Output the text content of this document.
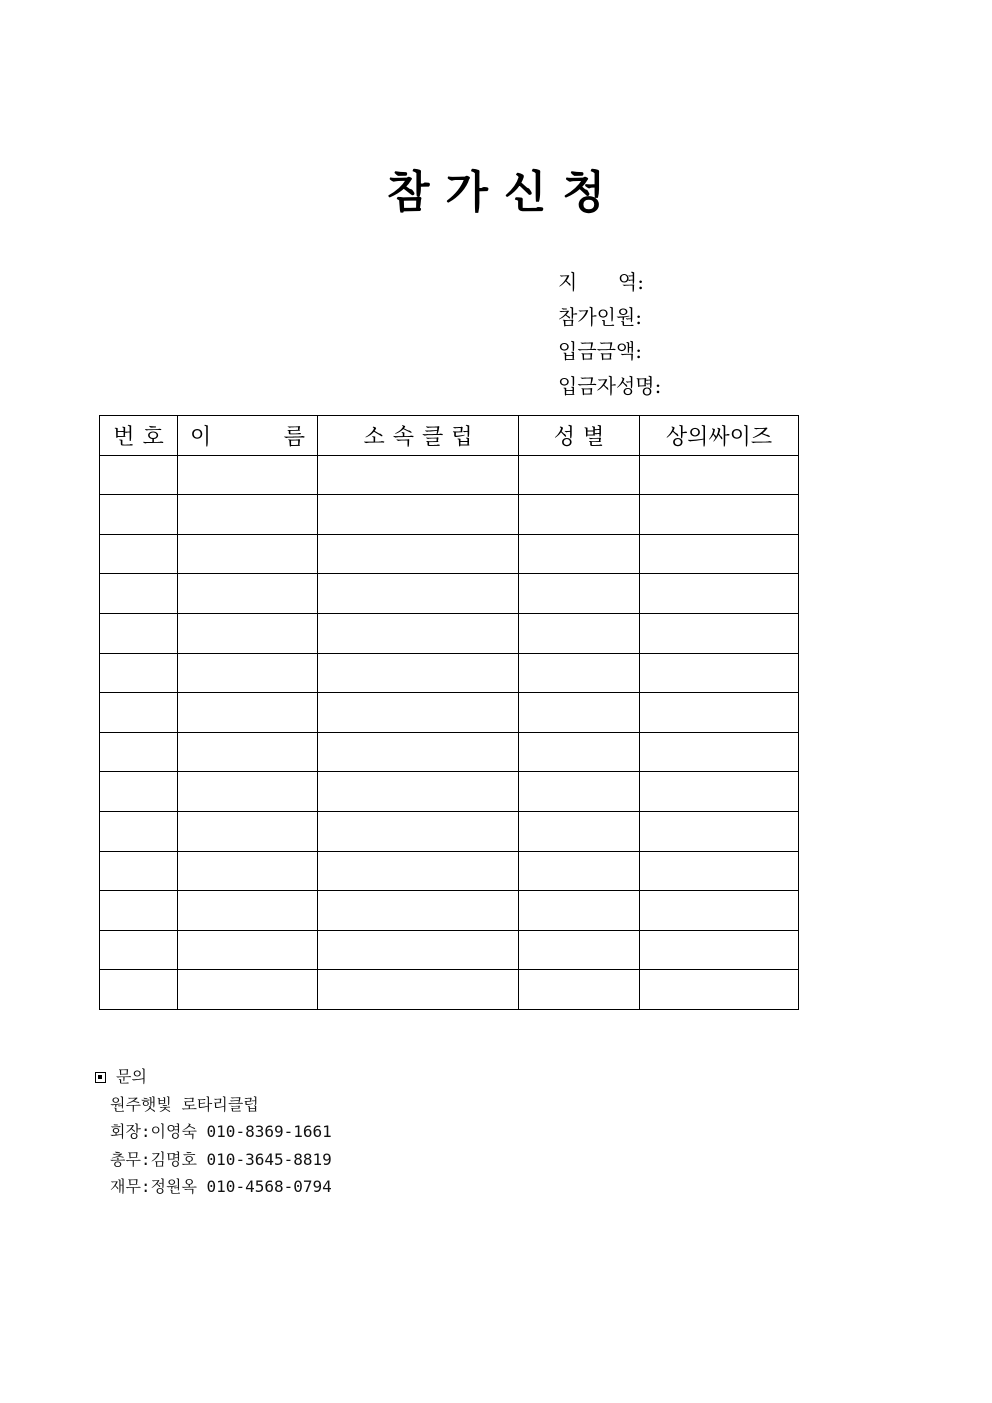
참가신청
지 역:
참가인원:
입금금액:
입금자성명:
번호	이 름	소속클럽	성별	상의싸이즈

문의
원주햇빛 로타리클럽
회장:이영숙 010-8369-1661
총무:김명호 010-3645-8819
재무:정원옥 010-4568-0794
